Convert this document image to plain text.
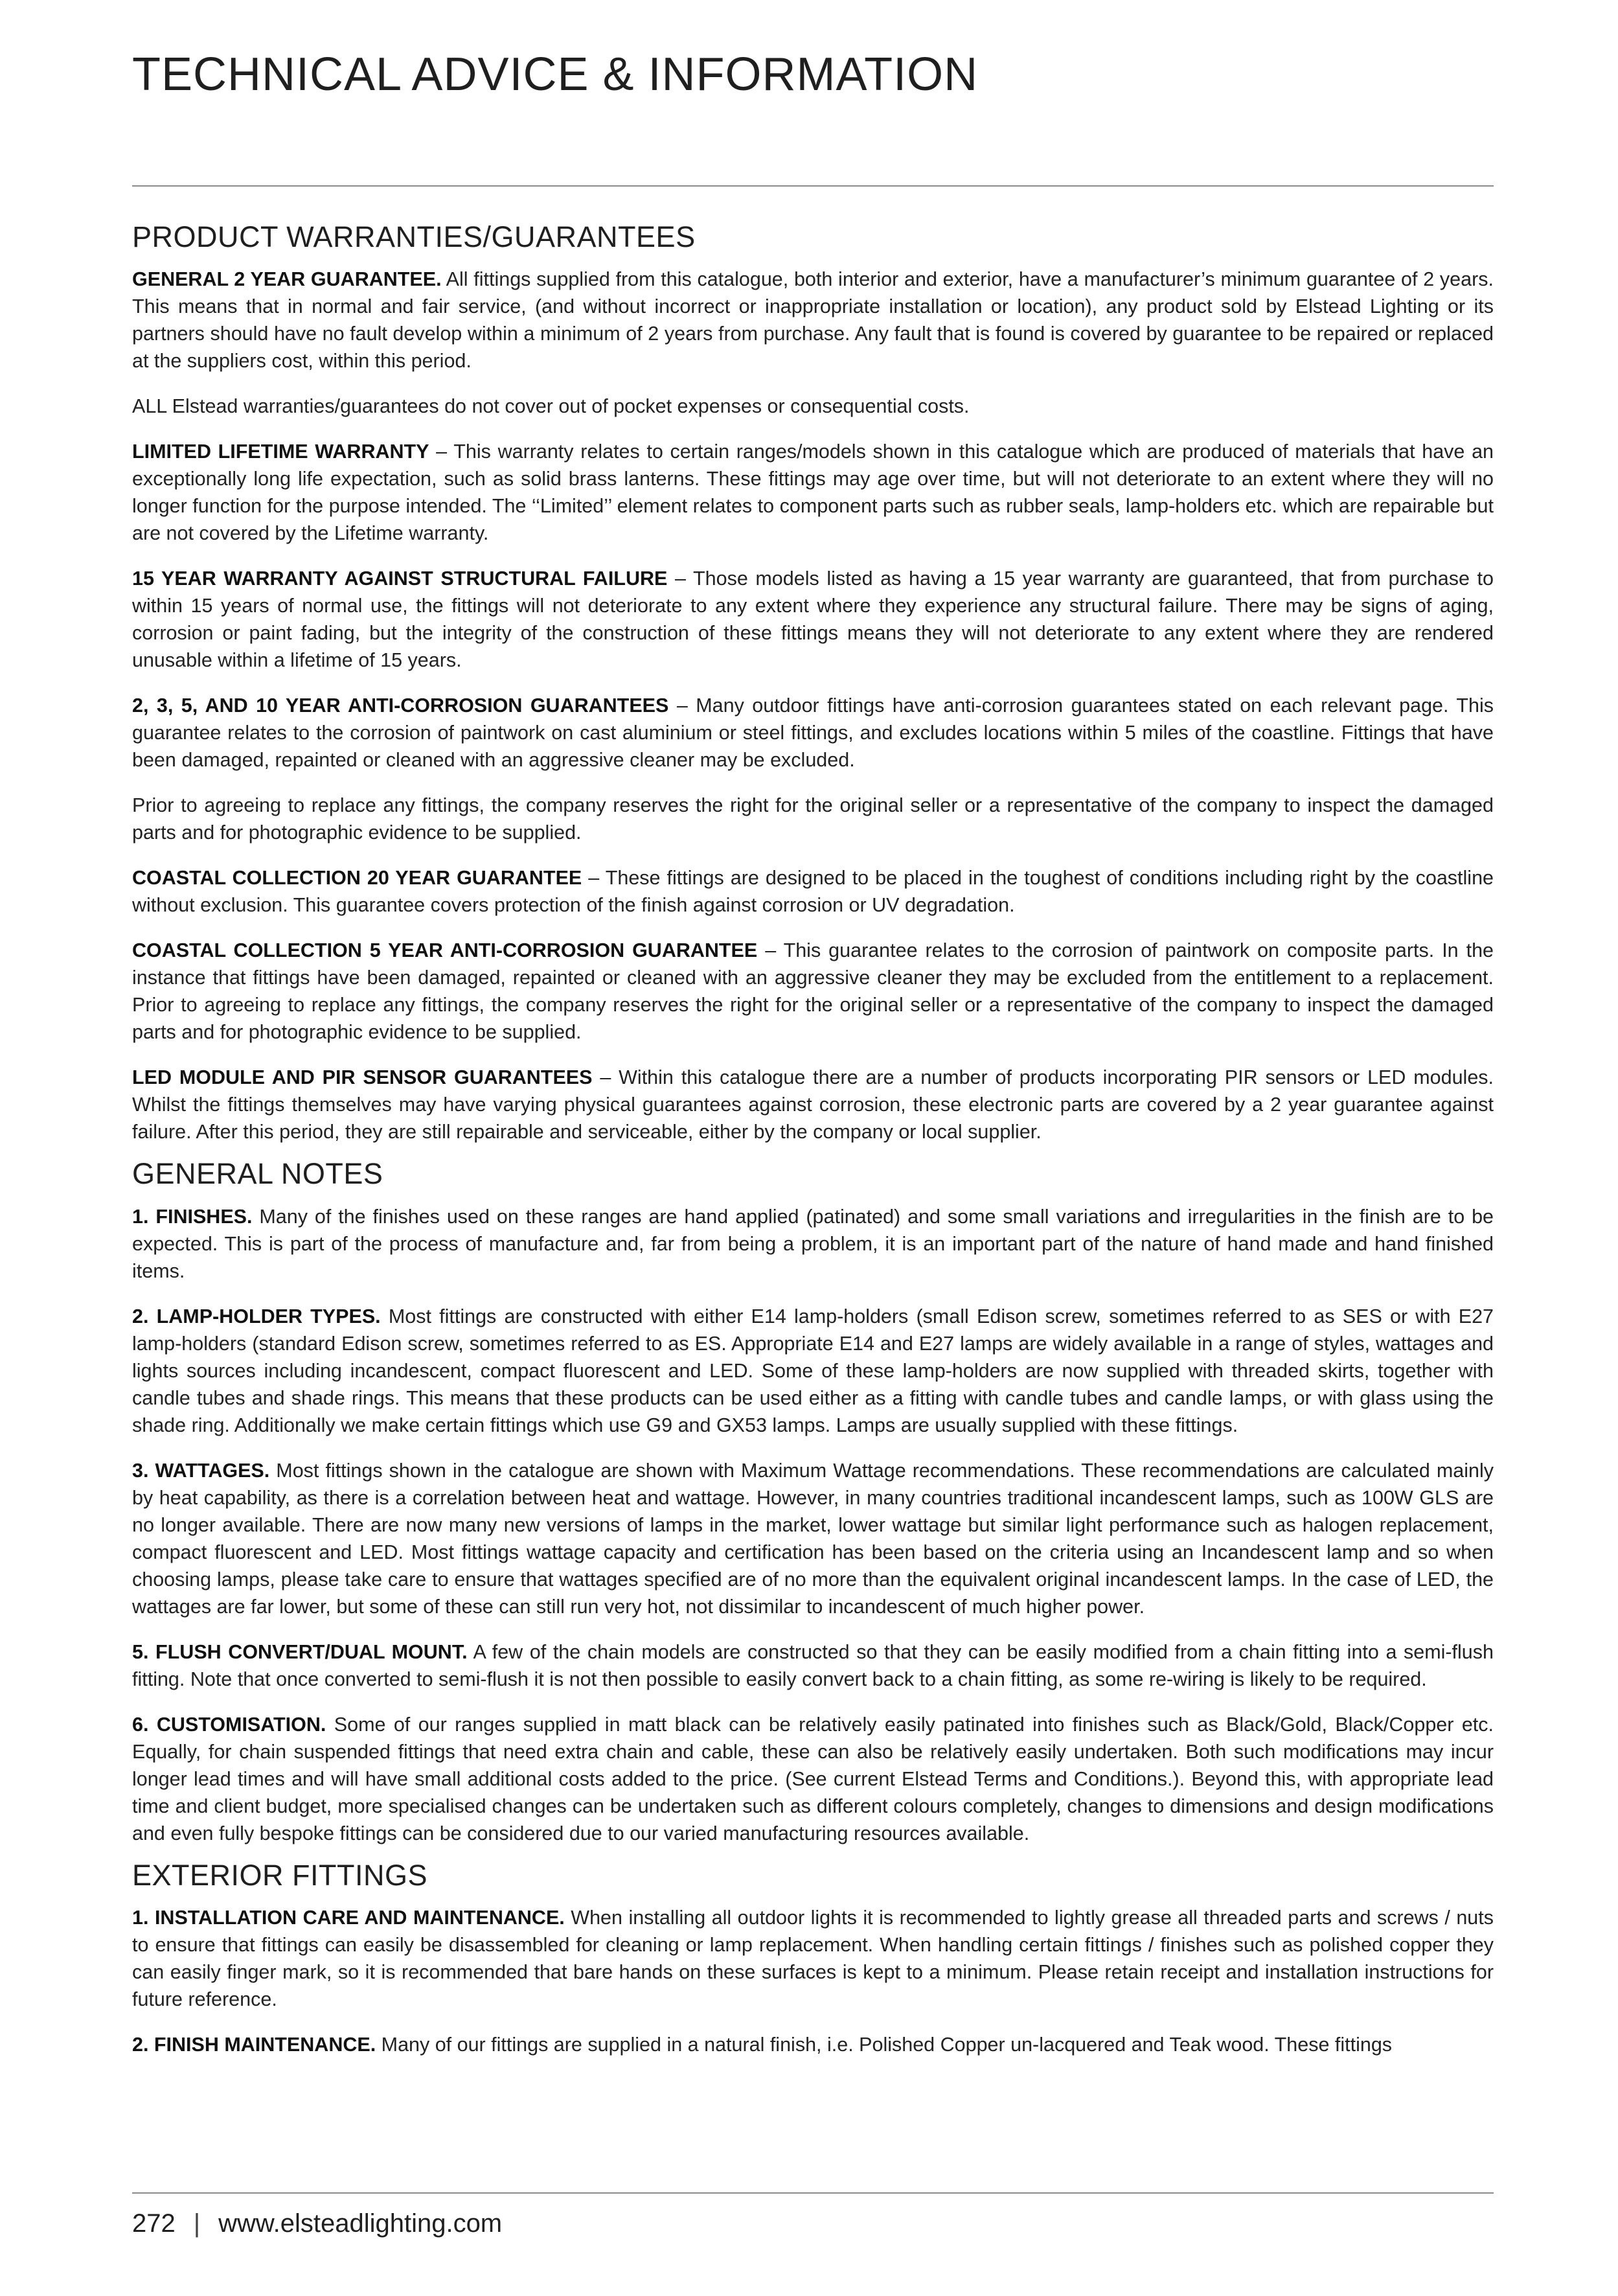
TECHNICAL ADVICE & INFORMATION
PRODUCT WARRANTIES/GUARANTEES

GENERAL 2 YEAR GUARANTEE. All fittings supplied from this catalogue, both interior and exterior, have a manufacturer’s minimum guarantee of 2 years. This means that in normal and fair service, (and without incorrect or inappropriate installation or location), any product sold by Elstead Lighting or its partners should have no fault develop within a minimum of 2 years from purchase. Any fault that is found is covered by guarantee to be repaired or replaced at the suppliers cost, within this period.

ALL Elstead warranties/guarantees do not cover out of pocket expenses or consequential costs.

LIMITED LIFETIME WARRANTY – This warranty relates to certain ranges/models shown in this catalogue which are produced of materials that have an exceptionally long life expectation, such as solid brass lanterns. These fittings may age over time, but will not deteriorate to an extent where they will no longer function for the purpose intended. The ‘‘Limited’’ element relates to component parts such as rubber seals, lamp-holders etc. which are repairable but are not covered by the Lifetime warranty.

15 YEAR WARRANTY AGAINST STRUCTURAL FAILURE – Those models listed as having a 15 year warranty are guaranteed, that from purchase to within 15 years of normal use, the fittings will not deteriorate to any extent where they experience any structural failure. There may be signs of aging, corrosion or paint fading, but the integrity of the construction of these fittings means they will not deteriorate to any extent where they are rendered unusable within a lifetime of 15 years.

2, 3, 5, AND 10 YEAR ANTI-CORROSION GUARANTEES – Many outdoor fittings have anti-corrosion guarantees stated on each relevant page. This guarantee relates to the corrosion of paintwork on cast aluminium or steel fittings, and excludes locations within 5 miles of the coastline. Fittings that have been damaged, repainted or cleaned with an aggressive cleaner may be excluded.

Prior to agreeing to replace any fittings, the company reserves the right for the original seller or a representative of the company to inspect the damaged parts and for photographic evidence to be supplied.

COASTAL COLLECTION 20 YEAR GUARANTEE – These fittings are designed to be placed in the toughest of conditions including right by the coastline without exclusion. This guarantee covers protection of the finish against corrosion or UV degradation.

COASTAL COLLECTION 5 YEAR ANTI-CORROSION GUARANTEE – This guarantee relates to the corrosion of paintwork on composite parts. In the instance that fittings have been damaged, repainted or cleaned with an aggressive cleaner they may be excluded from the entitlement to a replacement. Prior to agreeing to replace any fittings, the company reserves the right for the original seller or a representative of the company to inspect the damaged parts and for photographic evidence to be supplied.

LED MODULE AND PIR SENSOR GUARANTEES – Within this catalogue there are a number of products incorporating PIR sensors or LED modules. Whilst the fittings themselves may have varying physical guarantees against corrosion, these electronic parts are covered by a 2 year guarantee against failure. After this period, they are still repairable and serviceable, either by the company or local supplier.

GENERAL NOTES

1. FINISHES. Many of the finishes used on these ranges are hand applied (patinated) and some small variations and irregularities in the finish are to be expected. This is part of the process of manufacture and, far from being a problem, it is an important part of the nature of hand made and hand finished items.

2. LAMP-HOLDER TYPES. Most fittings are constructed with either E14 lamp-holders (small Edison screw, sometimes referred to as SES or with E27 lamp-holders (standard Edison screw, sometimes referred to as ES. Appropriate E14 and E27 lamps are widely available in a range of styles, wattages and lights sources including incandescent, compact fluorescent and LED. Some of these lamp-holders are now supplied with threaded skirts, together with candle tubes and shade rings. This means that these products can be used either as a fitting with candle tubes and candle lamps, or with glass using the shade ring. Additionally we make certain fittings which use G9 and GX53 lamps. Lamps are usually supplied with these fittings.

3. WATTAGES. Most fittings shown in the catalogue are shown with Maximum Wattage recommendations. These recommendations are calculated mainly by heat capability, as there is a correlation between heat and wattage. However, in many countries traditional incandescent lamps, such as 100W GLS are no longer available. There are now many new versions of lamps in the market, lower wattage but similar light performance such as halogen replacement, compact fluorescent and LED. Most fittings wattage capacity and certification has been based on the criteria using an Incandescent lamp and so when choosing lamps, please take care to ensure that wattages specified are of no more than the equivalent original incandescent lamps. In the case of LED, the wattages are far lower, but some of these can still run very hot, not dissimilar to incandescent of much higher power.

5. FLUSH CONVERT/DUAL MOUNT. A few of the chain models are constructed so that they can be easily modified from a chain fitting into a semi-flush fitting. Note that once converted to semi-flush it is not then possible to easily convert back to a chain fitting, as some re-wiring is likely to be required.

6. CUSTOMISATION. Some of our ranges supplied in matt black can be relatively easily patinated into finishes such as Black/Gold, Black/Copper etc. Equally, for chain suspended fittings that need extra chain and cable, these can also be relatively easily undertaken. Both such modifications may incur longer lead times and will have small additional costs added to the price. (See current Elstead Terms and Conditions.). Beyond this, with appropriate lead time and client budget, more specialised changes can be undertaken such as different colours completely, changes to dimensions and design modifications and even fully bespoke fittings can be considered due to our varied manufacturing resources available.

EXTERIOR FITTINGS

1. INSTALLATION CARE AND MAINTENANCE. When installing all outdoor lights it is recommended to lightly grease all threaded parts and screws / nuts to ensure that fittings can easily be disassembled for cleaning or lamp replacement. When handling certain fittings / finishes such as polished copper they can easily finger mark, so it is recommended that bare hands on these surfaces is kept to a minimum. Please retain receipt and installation instructions for future reference.

2. FINISH MAINTENANCE. Many of our fittings are supplied in a natural finish, i.e. Polished Copper un-lacquered and Teak wood. These fittings

272 | www.elsteadlighting.com
